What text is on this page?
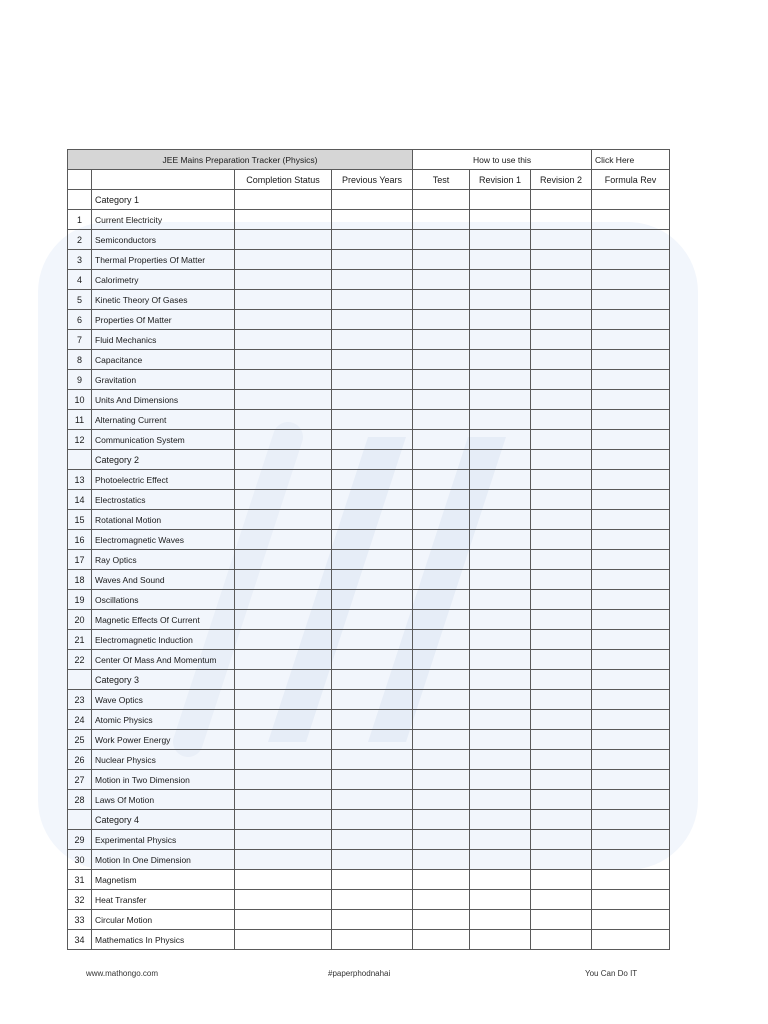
JEE Mains Preparation Tracker (Physics)				How to use this			Click Here
		Completion Status	Previous Years	Test	Revision 1	Revision 2	Formula Rev
	Category 1						
1	Current Electricity						
2	Semiconductors						
3	Thermal Properties Of Matter						
4	Calorimetry						
5	Kinetic Theory Of Gases						
6	Properties Of Matter						
7	Fluid Mechanics						
8	Capacitance						
9	Gravitation						
10	Units And Dimensions						
11	Alternating Current						
12	Communication System						
	Category 2						
13	Photoelectric Effect						
14	Electrostatics						
15	Rotational Motion						
16	Electromagnetic Waves						
17	Ray Optics						
18	Waves And Sound						
19	Oscillations						
20	Magnetic Effects Of Current						
21	Electromagnetic Induction						
22	Center Of Mass And Momentum						
	Category 3						
23	Wave Optics						
24	Atomic Physics						
25	Work Power Energy						
26	Nuclear Physics						
27	Motion in Two Dimension						
28	Laws Of Motion						
	Category 4						
29	Experimental Physics						
30	Motion In One Dimension						
31	Magnetism						
32	Heat Transfer						
33	Circular Motion						
34	Mathematics In Physics						
www.mathongo.com	#paperphodnahai	You Can Do IT
